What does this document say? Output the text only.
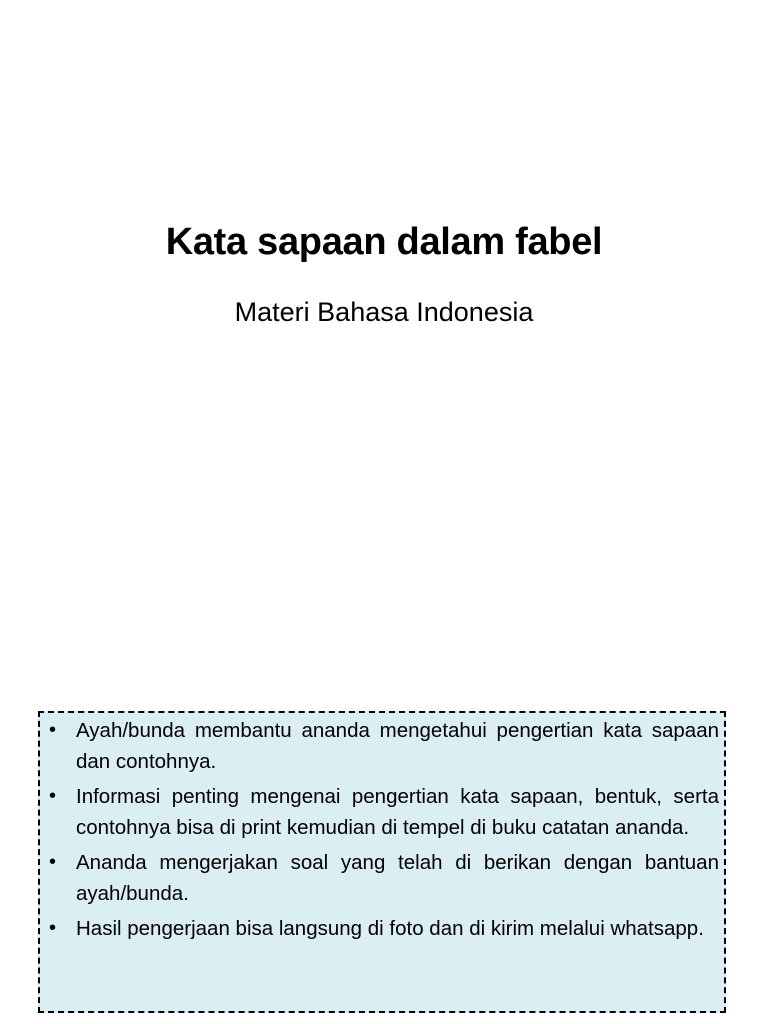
Kata sapaan dalam fabel
Materi Bahasa Indonesia
• Ayah/bunda membantu ananda mengetahui pengertian kata sapaan dan contohnya.
• Informasi penting mengenai pengertian kata sapaan, bentuk, serta contohnya bisa di print kemudian di tempel di buku catatan ananda.
• Ananda mengerjakan soal yang telah di berikan dengan bantuan ayah/bunda.
• Hasil pengerjaan bisa langsung di foto dan di kirim melalui whatsapp.
